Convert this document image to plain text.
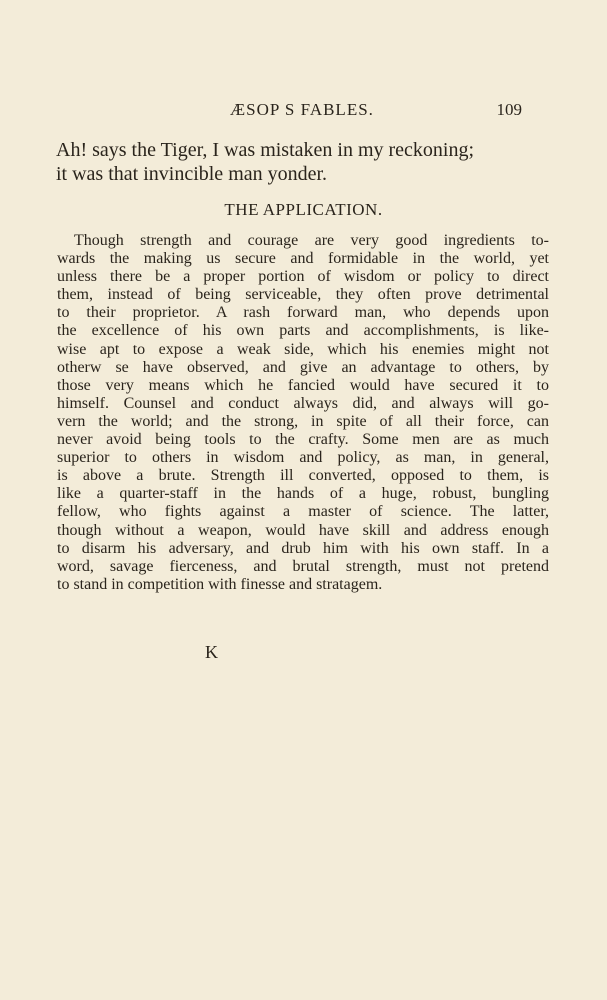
ÆSOP S FABLES.	109
Ah! says the Tiger, I was mistaken in my reckoning;
it was that invincible man yonder.
THE APPLICATION.
Though strength and courage are very good ingredients to-
wards the making us secure and formidable in the world, yet
unless there be a proper portion of wisdom or policy to direct
them, instead of being serviceable, they often prove detrimental
to their proprietor. A rash forward man, who depends upon
the excellence of his own parts and accomplishments, is like-
wise apt to expose a weak side, which his enemies might not
otherw se have observed, and give an advantage to others, by
those very means which he fancied would have secured it to
himself. Counsel and conduct always did, and always will go-
vern the world; and the strong, in spite of all their force, can
never avoid being tools to the crafty. Some men are as much
superior to others in wisdom and policy, as man, in general,
is above a brute. Strength ill converted, opposed to them, is
like a quarter-staff in the hands of a huge, robust, bungling
fellow, who fights against a master of science. The latter,
though without a weapon, would have skill and address enough
to disarm his adversary, and drub him with his own staff. In a
word, savage fierceness, and brutal strength, must not pretend
to stand in competition with finesse and stratagem.
K
